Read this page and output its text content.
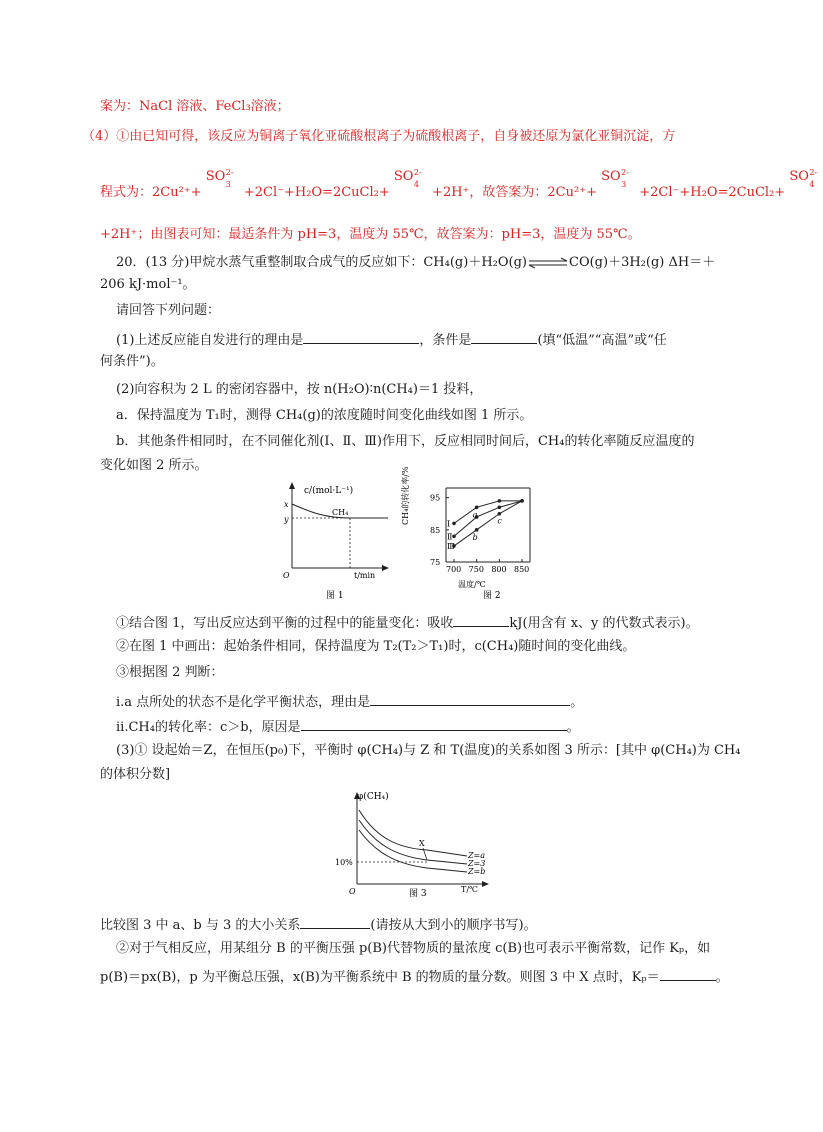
案为：NaCl 溶液、FeCl₃溶液；
（4）①由已知可得，该反应为铜离子氧化亚硫酸根离子为硫酸根离子，自身被还原为氯化亚铜沉淀，方
程式为：2Cu²⁺+
SO 2-
3
+2Cl⁻+H₂O=2CuCl₂+
SO 2-
4
+2H⁺，故答案为：2Cu²⁺+
SO 2-
3
+2Cl⁻+H₂O=2CuCl₂+
SO 2-
4
+2H⁺；由图表可知：最适条件为 pH=3，温度为 55℃，故答案为：pH=3，温度为 55℃。
20．(13 分)甲烷水蒸气重整制取合成气的反应如下：CH₄(g)＋H₂O(g)⇌CO(g)＋3H₂(g) ΔH＝＋
206 kJ·mol⁻¹。
请回答下列问题：
(1)上述反应能自发进行的理由是	，条件是	(填“低温”“高温”或“任
何条件”)。
(2)向容积为 2 L 的密闭容器中，按 n(H₂O)∶n(CH₄)＝1 投料，
a．保持温度为 T₁时，测得 CH₄(g)的浓度随时间变化曲线如图 1 所示。
b．其他条件相同时，在不同催化剂(Ⅰ、Ⅱ、Ⅲ)作用下，反应相同时间后，CH₄的转化率随反应温度的
变化如图 2 所示。
c/(mol·L⁻¹)
x
y
O	t/min
CH₄
图 1
CH₄的转化率/%	95
85
75
700 750 800 850
温度/℃
Ⅰ
Ⅱ
Ⅲ
a
b
c
图 2
①结合图 1，写出反应达到平衡的过程中的能量变化：吸收	kJ(用含有 x、y 的代数式表示)。
②在图 1 中画出：起始条件相同，保持温度为 T₂(T₂＞T₁)时，c(CH₄)随时间的变化曲线。
③根据图 2 判断：
i.a 点所处的状态不是化学平衡状态，理由是	。
ii.CH₄的转化率：c＞b，原因是	。
(3)① 设起始＝Z，在恒压(p₀)下，平衡时 φ(CH₄)与 Z 和 T(温度)的关系如图 3 所示：[其中 φ(CH₄)为 CH₄
的体积分数]
φ(CH₄)
10%
X
Z=a
Z=3
Z=b
O	T/℃
图 3
比较图 3 中 a、b 与 3 的大小关系	(请按从大到小的顺序书写)。
②对于气相反应，用某组分 B 的平衡压强 p(B)代替物质的量浓度 c(B)也可表示平衡常数，记作 Kₚ，如
p(B)＝px(B)，p 为平衡总压强，x(B)为平衡系统中 B 的物质的量分数。则图 3 中 X 点时，Kₚ＝	。
